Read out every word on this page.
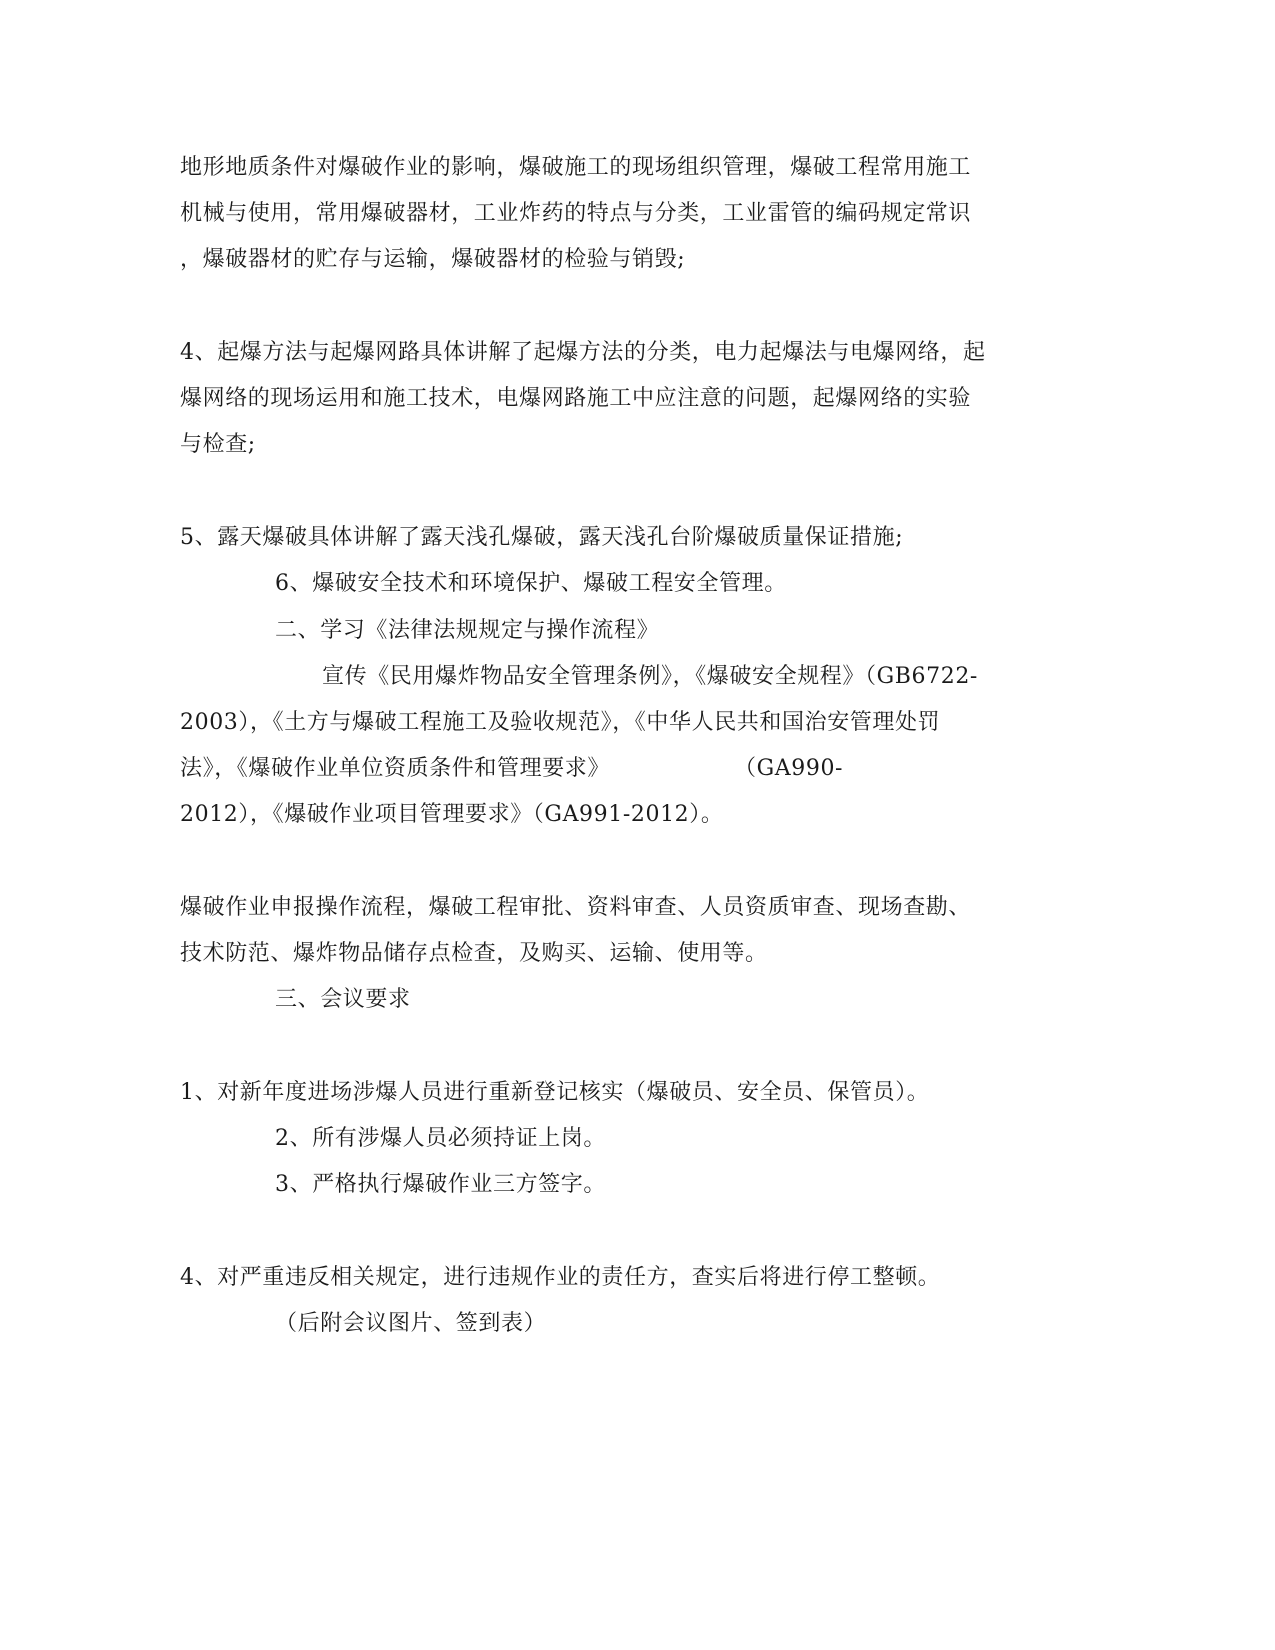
地形地质条件对爆破作业的影响，爆破施工的现场组织管理，爆破工程常用施工
机械与使用，常用爆破器材，工业炸药的特点与分类，工业雷管的编码规定常识
，爆破器材的贮存与运输，爆破器材的检验与销毁;
4、起爆方法与起爆网路具体讲解了起爆方法的分类，电力起爆法与电爆网络，起
爆网络的现场运用和施工技术，电爆网路施工中应注意的问题，起爆网络的实验
与检查;
5、露天爆破具体讲解了露天浅孔爆破，露天浅孔台阶爆破质量保证措施;
6、爆破安全技术和环境保护、爆破工程安全管理。
二、学习《法律法规规定与操作流程》
宣传《民用爆炸物品安全管理条例》，《爆破安全规程》（GB6722-
2003），《土方与爆破工程施工及验收规范》，《中华人民共和国治安管理处罚
法》，《爆破作业单位资质条件和管理要求》	（GA990-
2012），《爆破作业项目管理要求》（GA991-2012）。
爆破作业申报操作流程，爆破工程审批、资料审查、人员资质审查、现场查勘、
技术防范、爆炸物品储存点检查，及购买、运输、使用等。
三、会议要求
1、对新年度进场涉爆人员进行重新登记核实（爆破员、安全员、保管员）。
2、所有涉爆人员必须持证上岗。
3、严格执行爆破作业三方签字。
4、对严重违反相关规定，进行违规作业的责任方，查实后将进行停工整顿。
（后附会议图片、签到表）
